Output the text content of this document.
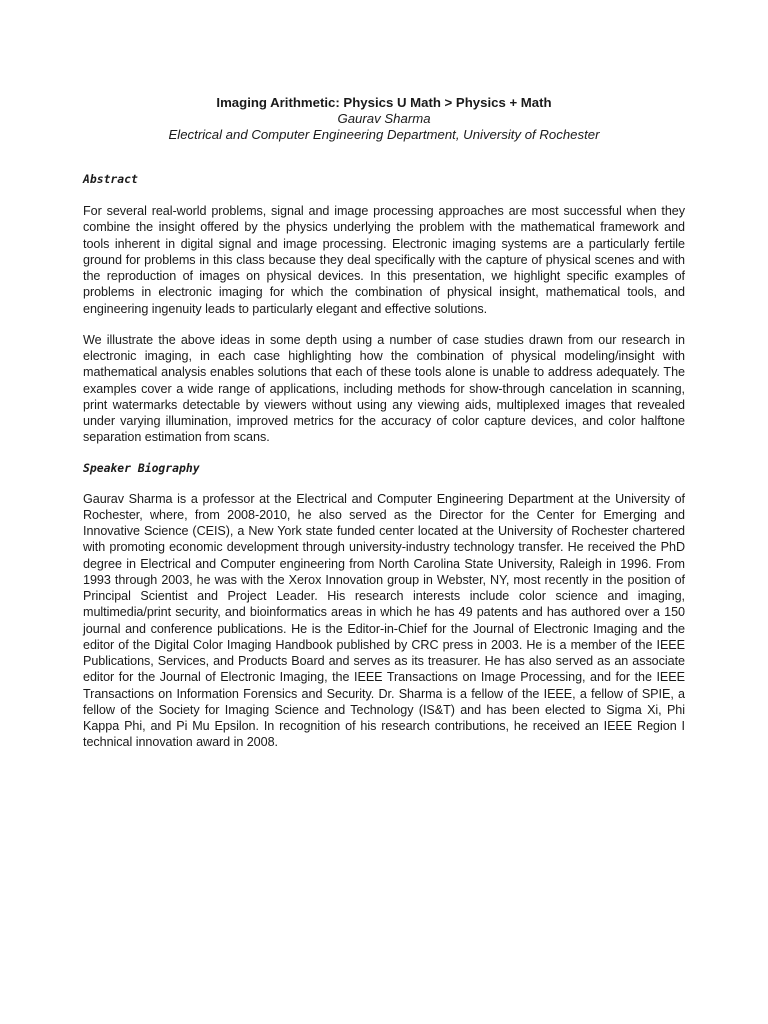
Imaging Arithmetic: Physics U Math > Physics + Math

Gaurav Sharma

Electrical and Computer Engineering Department, University of Rochester

Abstract

For several real-world problems, signal and image processing approaches are most successful when they combine the insight offered by the physics underlying the problem with the mathematical framework and tools inherent in digital signal and image processing. Electronic imaging systems are a particularly fertile ground for problems in this class because they deal specifically with the capture of physical scenes and with the reproduction of images on physical devices. In this presentation, we highlight specific examples of problems in electronic imaging for which the combination of physical insight, mathematical tools, and engineering ingenuity leads to particularly elegant and effective solutions.

We illustrate the above ideas in some depth using a number of case studies drawn from our research in electronic imaging, in each case highlighting how the combination of physical modeling/insight with mathematical analysis enables solutions that each of these tools alone is unable to address adequately. The examples cover a wide range of applications, including methods for show-through cancelation in scanning, print watermarks detectable by viewers without using any viewing aids, multiplexed images that revealed under varying illumination, improved metrics for the accuracy of color capture devices, and color halftone separation estimation from scans.

Speaker Biography

Gaurav Sharma is a professor at the Electrical and Computer Engineering Department at the University of Rochester, where, from 2008-2010, he also served as the Director for the Center for Emerging and Innovative Science (CEIS), a New York state funded center located at the University of Rochester chartered with promoting economic development through university-industry technology transfer. He received the PhD degree in Electrical and Computer engineering from North Carolina State University, Raleigh in 1996. From 1993 through 2003, he was with the Xerox Innovation group in Webster, NY, most recently in the position of Principal Scientist and Project Leader. His research interests include color science and imaging, multimedia/print security, and bioinformatics areas in which he has 49 patents and has authored over a 150 journal and conference publications. He is the Editor-in-Chief for the Journal of Electronic Imaging and the editor of the Digital Color Imaging Handbook published by CRC press in 2003. He is a member of the IEEE Publications, Services, and Products Board and serves as its treasurer. He has also served as an associate editor for the Journal of Electronic Imaging, the IEEE Transactions on Image Processing, and for the IEEE Transactions on Information Forensics and Security. Dr. Sharma is a fellow of the IEEE, a fellow of SPIE, a fellow of the Society for Imaging Science and Technology (IS&T) and has been elected to Sigma Xi, Phi Kappa Phi, and Pi Mu Epsilon. In recognition of his research contributions, he received an IEEE Region I technical innovation award in 2008.
